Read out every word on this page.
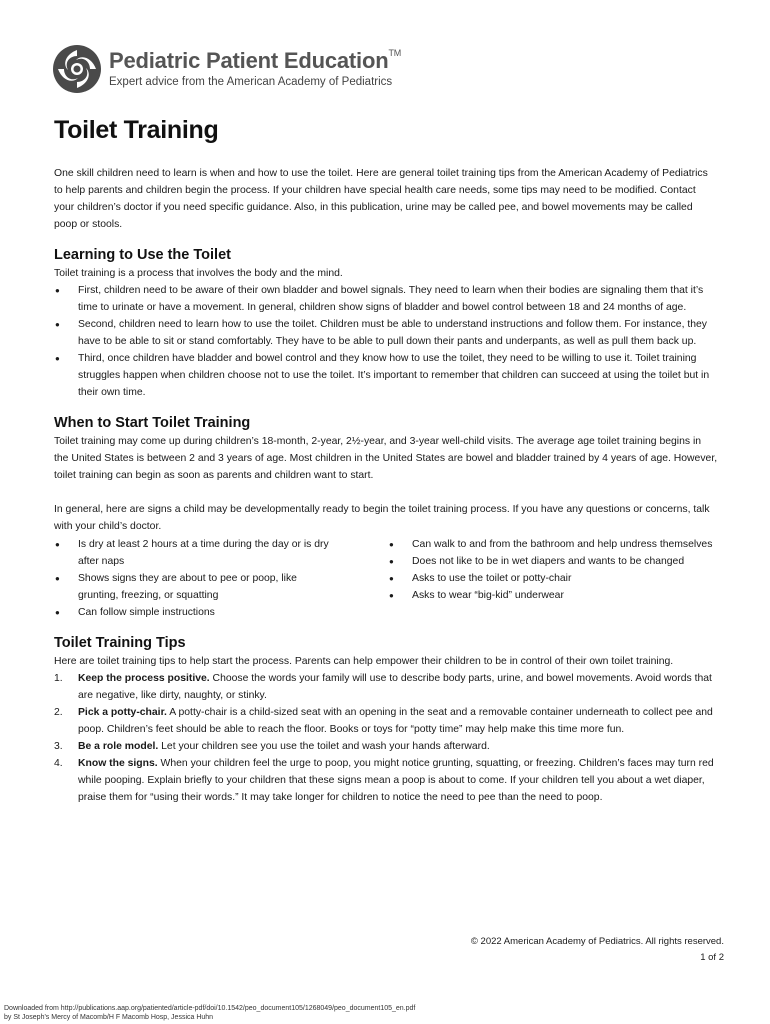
Pediatric Patient Education™
Expert advice from the American Academy of Pediatrics
Toilet Training

One skill children need to learn is when and how to use the toilet. Here are general toilet training tips from the American Academy of Pediatrics to help parents and children begin the process. If your children have special health care needs, some tips may need to be modified. Contact your children’s doctor if you need specific guidance. Also, in this publication, urine may be called pee, and bowel movements may be called poop or stools.

Learning to Use the Toilet

Toilet training is a process that involves the body and the mind.

● First, children need to be aware of their own bladder and bowel signals. They need to learn when their bodies are signaling them that it’s time to urinate or have a movement. In general, children show signs of bladder and bowel control between 18 and 24 months of age.
● Second, children need to learn how to use the toilet. Children must be able to understand instructions and follow them. For instance, they have to be able to sit or stand comfortably. They have to be able to pull down their pants and underpants, as well as pull them back up.
● Third, once children have bladder and bowel control and they know how to use the toilet, they need to be willing to use it. Toilet training struggles happen when children choose not to use the toilet. It’s important to remember that children can succeed at using the toilet but in their own time.
When to Start Toilet Training

Toilet training may come up during children’s 18-month, 2-year, 2½-year, and 3-year well-child visits. The average age toilet training begins in the United States is between 2 and 3 years of age. Most children in the United States are bowel and bladder trained by 4 years of age. However, toilet training can begin as soon as parents and children want to start.

In general, here are signs a child may be developmentally ready to begin the toilet training process. If you have any questions or concerns, talk with your child’s doctor.

● Is dry at least 2 hours at a time during the day or is dry after naps
● Shows signs they are about to pee or poop, like grunting, freezing, or squatting
● Can follow simple instructions
● Can walk to and from the bathroom and help undress themselves
● Does not like to be in wet diapers and wants to be changed
● Asks to use the toilet or potty-chair
● Asks to wear “big-kid” underwear
Toilet Training Tips

Here are toilet training tips to help start the process. Parents can help empower their children to be in control of their own toilet training.

1. Keep the process positive. Choose the words your family will use to describe body parts, urine, and bowel movements. Avoid words that are negative, like dirty, naughty, or stinky.
2. Pick a potty-chair. A potty-chair is a child-sized seat with an opening in the seat and a removable container underneath to collect pee and poop. Children’s feet should be able to reach the floor. Books or toys for “potty time” may help make this time more fun.
3. Be a role model. Let your children see you use the toilet and wash your hands afterward.
4. Know the signs. When your children feel the urge to poop, you might notice grunting, squatting, or freezing. Children’s faces may turn red while pooping. Explain briefly to your children that these signs mean a poop is about to come. If your children tell you about a wet diaper, praise them for “using their words.” It may take longer for children to notice the need to pee than the need to poop.
© 2022 American Academy of Pediatrics. All rights reserved.
1 of 2
Downloaded from http://publications.aap.org/patiented/article-pdf/doi/10.1542/peo_document105/1268049/peo_document105_en.pdf
by St Joseph's Mercy of Macomb/H F Macomb Hosp, Jessica Huhn
